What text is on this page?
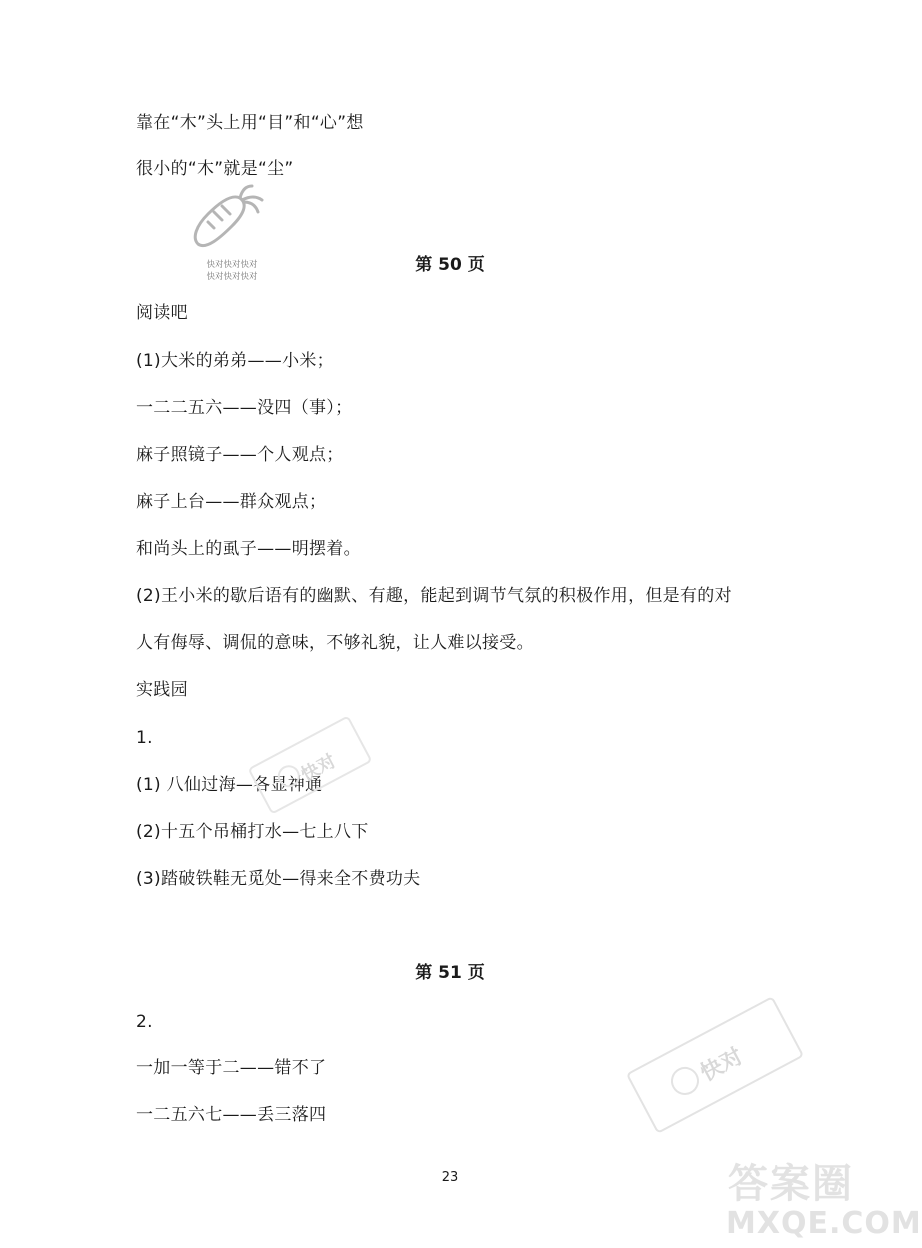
靠在“木”头上用“目”和“心”想
很小的“木”就是“尘”
快对快对快对
快对快对快对
第 50 页
阅读吧
(1)大米的弟弟——小米；
一二二五六——没四（事）；
麻子照镜子——个人观点；
麻子上台——群众观点；
和尚头上的虱子——明摆着。
(2)王小米的歇后语有的幽默、有趣，能起到调节气氛的积极作用，但是有的对
人有侮辱、调侃的意味，不够礼貌，让人难以接受。
实践园
1.
(1) 八仙过海—各显神通
(2)十五个吊桶打水—七上八下
(3)踏破铁鞋无觅处—得来全不费功夫
第 51 页
2.
一加一等于二——错不了
一二五六七——丢三落四
快对
快对
23	答案圈
MXQE.COM
